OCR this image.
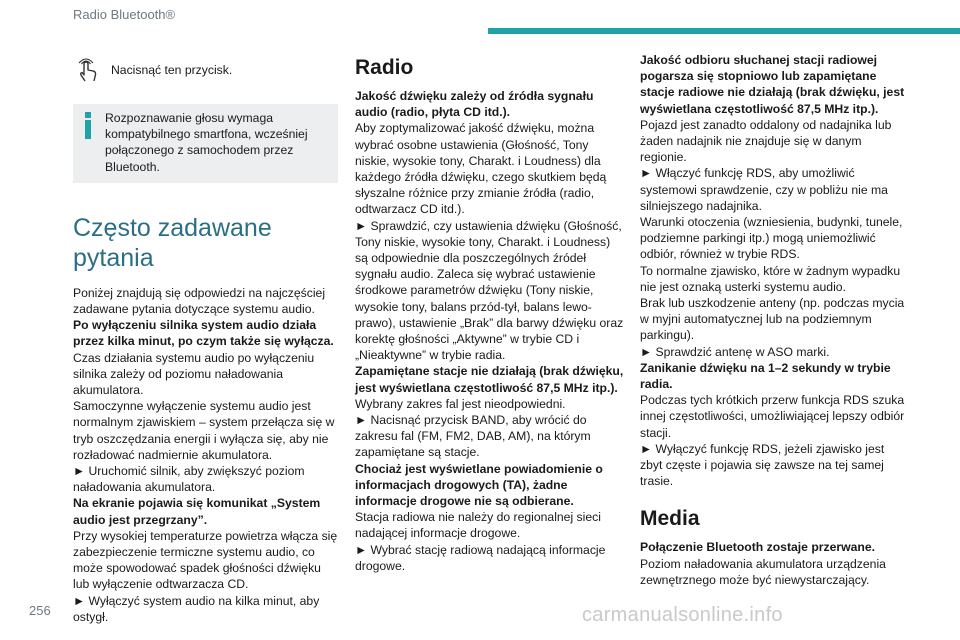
Radio Bluetooth®

Nacisnąć ten przycisk.

Rozpoznawanie głosu wymaga kompatybilnego smartfona, wcześniej połączonego z samochodem przez Bluetooth.

Często zadawane pytania

Poniżej znajdują się odpowiedzi na najczęściej zadawane pytania dotyczące systemu audio.

Po wyłączeniu silnika system audio działa przez kilka minut, po czym także się wyłącza.

Czas działania systemu audio po wyłączeniu silnika zależy od poziomu naładowania akumulatora.

Samoczynne wyłączenie systemu audio jest normalnym zjawiskiem – system przełącza się w tryb oszczędzania energii i wyłącza się, aby nie rozładować nadmiernie akumulatora.

► Uruchomić silnik, aby zwiększyć poziom naładowania akumulatora.

Na ekranie pojawia się komunikat „System audio jest przegrzany”.

Przy wysokiej temperaturze powietrza włącza się zabezpieczenie termiczne systemu audio, co może spowodować spadek głośności dźwięku lub wyłączenie odtwarzacza CD.

► Wyłączyć system audio na kilka minut, aby ostygł.

Radio

Jakość dźwięku zależy od źródła sygnału audio (radio, płyta CD itd.).

Aby zoptymalizować jakość dźwięku, można wybrać osobne ustawienia (Głośność, Tony niskie, wysokie tony, Charakt. i Loudness) dla każdego źródła dźwięku, czego skutkiem będą słyszalne różnice przy zmianie źródła (radio, odtwarzacz CD itd.).

► Sprawdzić, czy ustawienia dźwięku (Głośność, Tony niskie, wysokie tony, Charakt. i Loudness) są odpowiednie dla poszczególnych źródeł sygnału audio. Zaleca się wybrać ustawienie środkowe parametrów dźwięku (Tony niskie, wysokie tony, balans przód-tył, balans lewo-prawo), ustawienie „Brak” dla barwy dźwięku oraz korektę głośności „Aktywne” w trybie CD i „Nieaktywne” w trybie radia.

Zapamiętane stacje nie działają (brak dźwięku, jest wyświetlana częstotliwość 87,5 MHz itp.).

Wybrany zakres fal jest nieodpowiedni.

► Nacisnąć przycisk BAND, aby wrócić do zakresu fal (FM, FM2, DAB, AM), na którym zapamiętane są stacje.

Chociaż jest wyświetlane powiadomienie o informacjach drogowych (TA), żadne informacje drogowe nie są odbierane.

Stacja radiowa nie należy do regionalnej sieci nadającej informacje drogowe.

► Wybrać stację radiową nadającą informacje drogowe.

Jakość odbioru słuchanej stacji radiowej pogarsza się stopniowo lub zapamiętane stacje radiowe nie działają (brak dźwięku, jest wyświetlana częstotliwość 87,5 MHz itp.).

Pojazd jest zanadto oddalony od nadajnika lub żaden nadajnik nie znajduje się w danym regionie.

► Włączyć funkcję RDS, aby umożliwić systemowi sprawdzenie, czy w pobliżu nie ma silniejszego nadajnika.

Warunki otoczenia (wzniesienia, budynki, tunele, podziemne parkingi itp.) mogą uniemożliwić odbiór, również w trybie RDS.

To normalne zjawisko, które w żadnym wypadku nie jest oznaką usterki systemu audio.

Brak lub uszkodzenie anteny (np. podczas mycia w myjni automatycznej lub na podziemnym parkingu).

► Sprawdzić antenę w ASO marki.

Zanikanie dźwięku na 1–2 sekundy w trybie radia.

Podczas tych krótkich przerw funkcja RDS szuka innej częstotliwości, umożliwiającej lepszy odbiór stacji.

► Wyłączyć funkcję RDS, jeżeli zjawisko jest zbyt częste i pojawia się zawsze na tej samej trasie.

Media

Połączenie Bluetooth zostaje przerwane.

Poziom naładowania akumulatora urządzenia zewnętrznego może być niewystarczający.

256	carmanualsonline.info
